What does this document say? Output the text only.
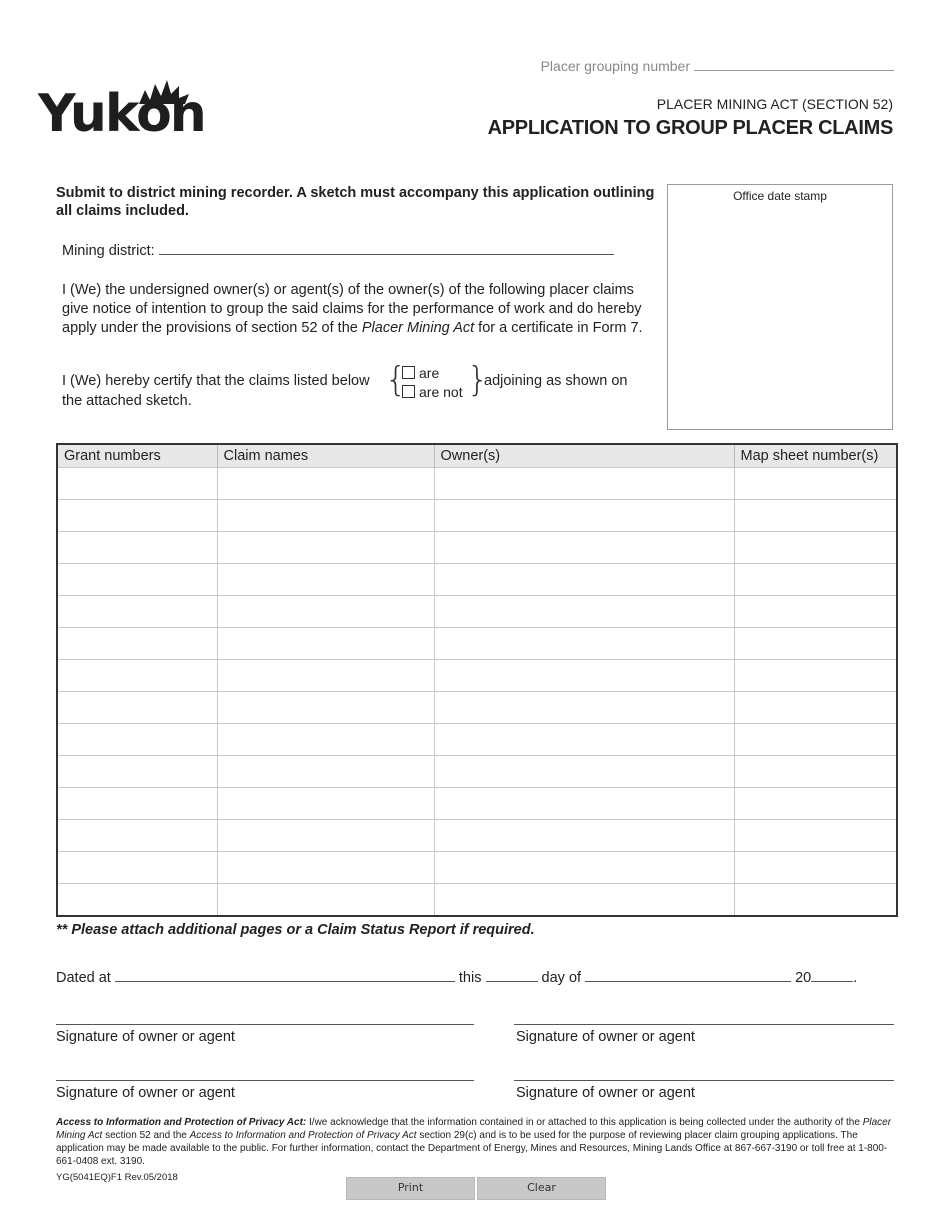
Yukon
Placer grouping number
PLACER MINING ACT (SECTION 52)
APPLICATION TO GROUP PLACER CLAIMS
Submit to district mining recorder. A sketch must accompany this application outlining all claims included.
Office date stamp
Mining district:
I (We) the undersigned owner(s) or agent(s) of the owner(s) of the following placer claims give notice of intention to group the said claims for the performance of work and do hereby apply under the provisions of section 52 of the Placer Mining Act for a certificate in Form 7.
I (We) hereby certify that the claims listed below
the attached sketch.
{ are
are not }
adjoining as shown on
Grant numbers	Claim names	Owner(s)	Map sheet number(s)

** Please attach additional pages or a Claim Status Report if required.
Dated at	this	day of	20	.
Signature of owner or agent	Signature of owner or agent
Signature of owner or agent	Signature of owner or agent
Access to Information and Protection of Privacy Act: I/we acknowledge that the information contained in or attached to this application is being collected under the authority of the Placer Mining Act section 52 and the Access to Information and Protection of Privacy Act section 29(c) and is to be used for the purpose of reviewing placer claim grouping applications. The application may be made available to the public. For further information, contact the Department of Energy, Mines and Resources, Mining Lands Office at 867-667-3190 or toll free at 1-800-661-0408 ext. 3190.
YG(5041EQ)F1 Rev.05/2018
Print	Clear
